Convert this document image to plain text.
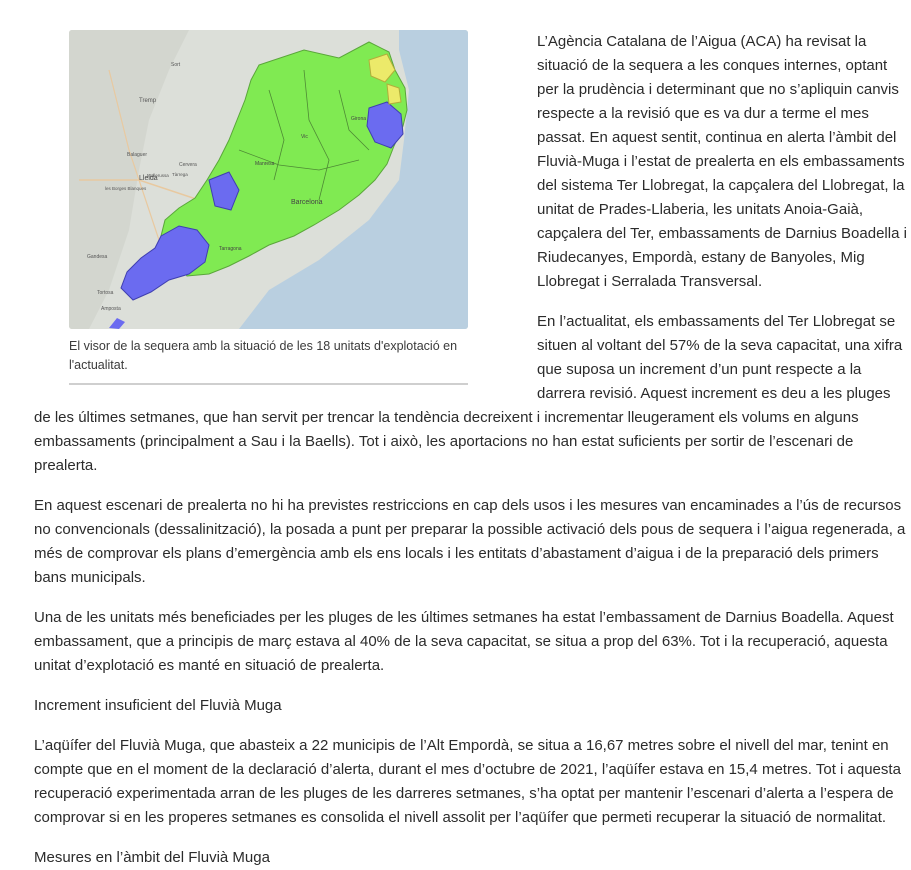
Lleida
Tremp
Balaguer
Cervera
Mollerussa Tàrrega
les Borges Blanques
Tortosa
Amposta
Gandesa
Barcelona
Tarragona
Sort
Girona
Vic
Manresa
El visor de la sequera amb la situació de les 18 unitats d'explotació en l'actualitat.

L’Agència Catalana de l’Aigua (ACA) ha revisat la situació de la sequera a les conques internes, optant per la prudència i determinant que no s’apliquin canvis respecte a la revisió que es va dur a terme el mes passat. En aquest sentit, continua en alerta l’àmbit del Fluvià-Muga i l’estat de prealerta en els embassaments del sistema Ter Llobregat, la capçalera del Llobregat, la unitat de Prades-Llaberia, les unitats Anoia-Gaià, capçalera del Ter, embassaments de Darnius Boadella i Riudecanyes, Empordà, estany de Banyoles, Mig Llobregat i Serralada Transversal.

En l’actualitat, els embassaments del Ter Llobregat se situen al voltant del 57% de la seva capacitat, una xifra que suposa un increment d’un punt respecte a la darrera revisió. Aquest increment es deu a les pluges de les últimes setmanes, que han servit per trencar la tendència decreixent i incrementar lleugerament els volums en alguns embassaments (principalment a Sau i la Baells). Tot i això, les aportacions no han estat suficients per sortir de l’escenari de prealerta.

En aquest escenari de prealerta no hi ha previstes restriccions en cap dels usos i les mesures van encaminades a l’ús de recursos no convencionals (dessalinització), la posada a punt per preparar la possible activació dels pous de sequera i l’aigua regenerada, a més de comprovar els plans d’emergència amb els ens locals i les entitats d’abastament d’aigua i de la preparació dels primers bans municipals.

Una de les unitats més beneficiades per les pluges de les últimes setmanes ha estat l’embassament de Darnius Boadella. Aquest embassament, que a principis de març estava al 40% de la seva capacitat, se situa a prop del 63%. Tot i la recuperació, aquesta unitat d’explotació es manté en situació de prealerta.

Increment insuficient del Fluvià Muga

L’aqüífer del Fluvià Muga, que abasteix a 22 municipis de l’Alt Empordà, se situa a 16,67 metres sobre el nivell del mar, tenint en compte que en el moment de la declaració d’alerta, durant el mes d’octubre de 2021, l’aqüífer estava en 15,4 metres. Tot i aquesta recuperació experimentada arran de les pluges de les darreres setmanes, s’ha optat per mantenir l’escenari d’alerta a l’espera de comprovar si en les properes setmanes es consolida el nivell assolit per l’aqüífer que permeti recuperar la situació de normalitat.

Mesures en l’àmbit del Fluvià Muga
